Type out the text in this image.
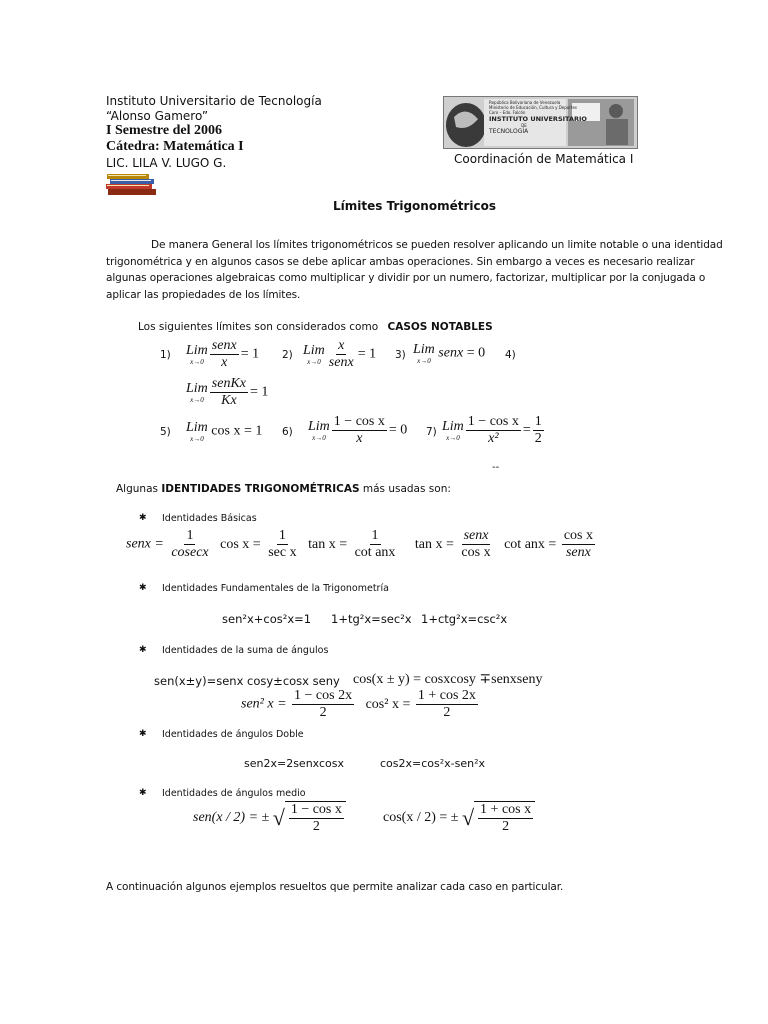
Instituto Universitario de Tecnología
“Alonso Gamero”
I Semestre del 2006
Cátedra: Matemática I
LIC. LILA V. LUGO G.
República Bolivariana de Venezuela
Ministerio de Educación, Cultura y Deportes
Coro – Edo. Falcón
INSTITUTO UNIVERSITARIO
DE
TECNOLOGÍA
Coordinación de Matemática I
Límites Trigonométricos
De manera General los límites trigonométricos se pueden resolver aplicando un limite notable o una identidad
trigonométrica y en algunos casos se debe aplicar ambas operaciones. Sin embargo a veces es necesario realizar
algunas operaciones algebraicas como multiplicar y dividir por un numero, factorizar, multiplicar por la conjugada o
aplicar las propiedades de los límites.
Los siguientes límites son considerados como CASOS NOTABLES
1) Lim
$x\to 0 \frac{\text{senx}}{x} = 1$ 2) Lim
$x\to 0 \frac{x}{\text{senx}} = 1$ 3) Lim
x→0
senx = 0 4)
Lim
$x\to 0 \frac{\text{senKx}}{Kx} = 1$
5) Lim
x→0
cos x = 1 6) Lim
$x\to 0 \frac{\text{1 − cos x}}{x} = 0$ 7) Lim
$x\to 0 \frac{\text{1 − cos x}}{\text{x²}} = \frac{1}{2}$
--
Algunas IDENTIDADES TRIGONOMÉTRICAS más usadas son:
✱ Identidades Básicas
senx = $\frac{1}{cosecx}$ $\cos x = \frac{1}{\text{sec x}}$ $\tan x = \frac{1}{\text{cot anx}}$ $\tan x = \frac{\text{senx}}{\text{cos x}}$ cot anx = $\frac{\text{cos x}}{\text{senx}}$
✱ Identidades Fundamentales de la Trigonometría
sen²x+cos²x=1 1+tg²x=sec²x 1+ctg²x=csc²x
✱ Identidades de la suma de ángulos
sen(x±y)=senx cosy±cosx seny cos(x ± y) = cosxcosy ∓senxseny
sen² $x = \frac{1 - \cos 2x}{2} \cos^2$ $x = \frac{1 + \cos 2x}{2}$
✱ Identidades de ángulos Doble
sen2x=2senxcosx	cos2x=cos²x-sen²x
✱ Identidades de ángulos medio
sen(x / 2) = ± √ $\frac{\text{1 − cos x}}{2}$	cos(x / 2) = ± √ $\frac{\text{1 + cos x}}{2}$
A continuación algunos ejemplos resueltos que permite analizar cada caso en particular.
